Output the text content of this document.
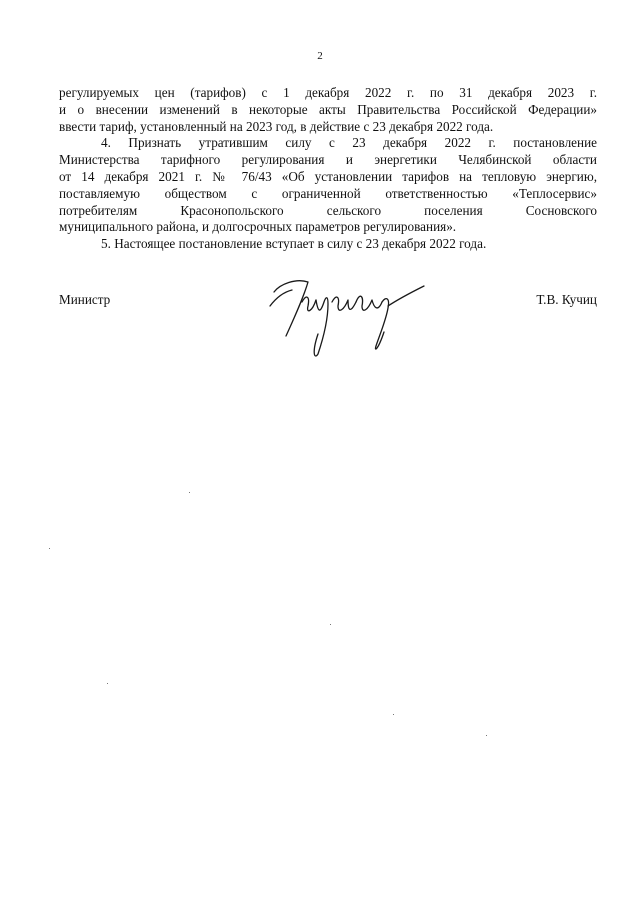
2

регулируемых цен (тарифов) с 1 декабря 2022 г. по 31 декабря 2023 г.

и о внесении изменений в некоторые акты Правительства Российской Федерации»

ввести тариф, установленный на 2023 год, в действие с 23 декабря 2022 года.

4. Признать утратившим силу с 23 декабря 2022 г. постановление

Министерства тарифного регулирования и энергетики Челябинской области

от 14 декабря 2021 г. № 76/43 «Об установлении тарифов на тепловую энергию,

поставляемую обществом с ограниченной ответственностью «Теплосервис»

потребителям Красонопольского сельского поселения Сосновского

муниципального района, и долгосрочных параметров регулирования».

5. Настоящее постановление вступает в силу с 23 декабря 2022 года.

Министр	Т.В. Кучиц
